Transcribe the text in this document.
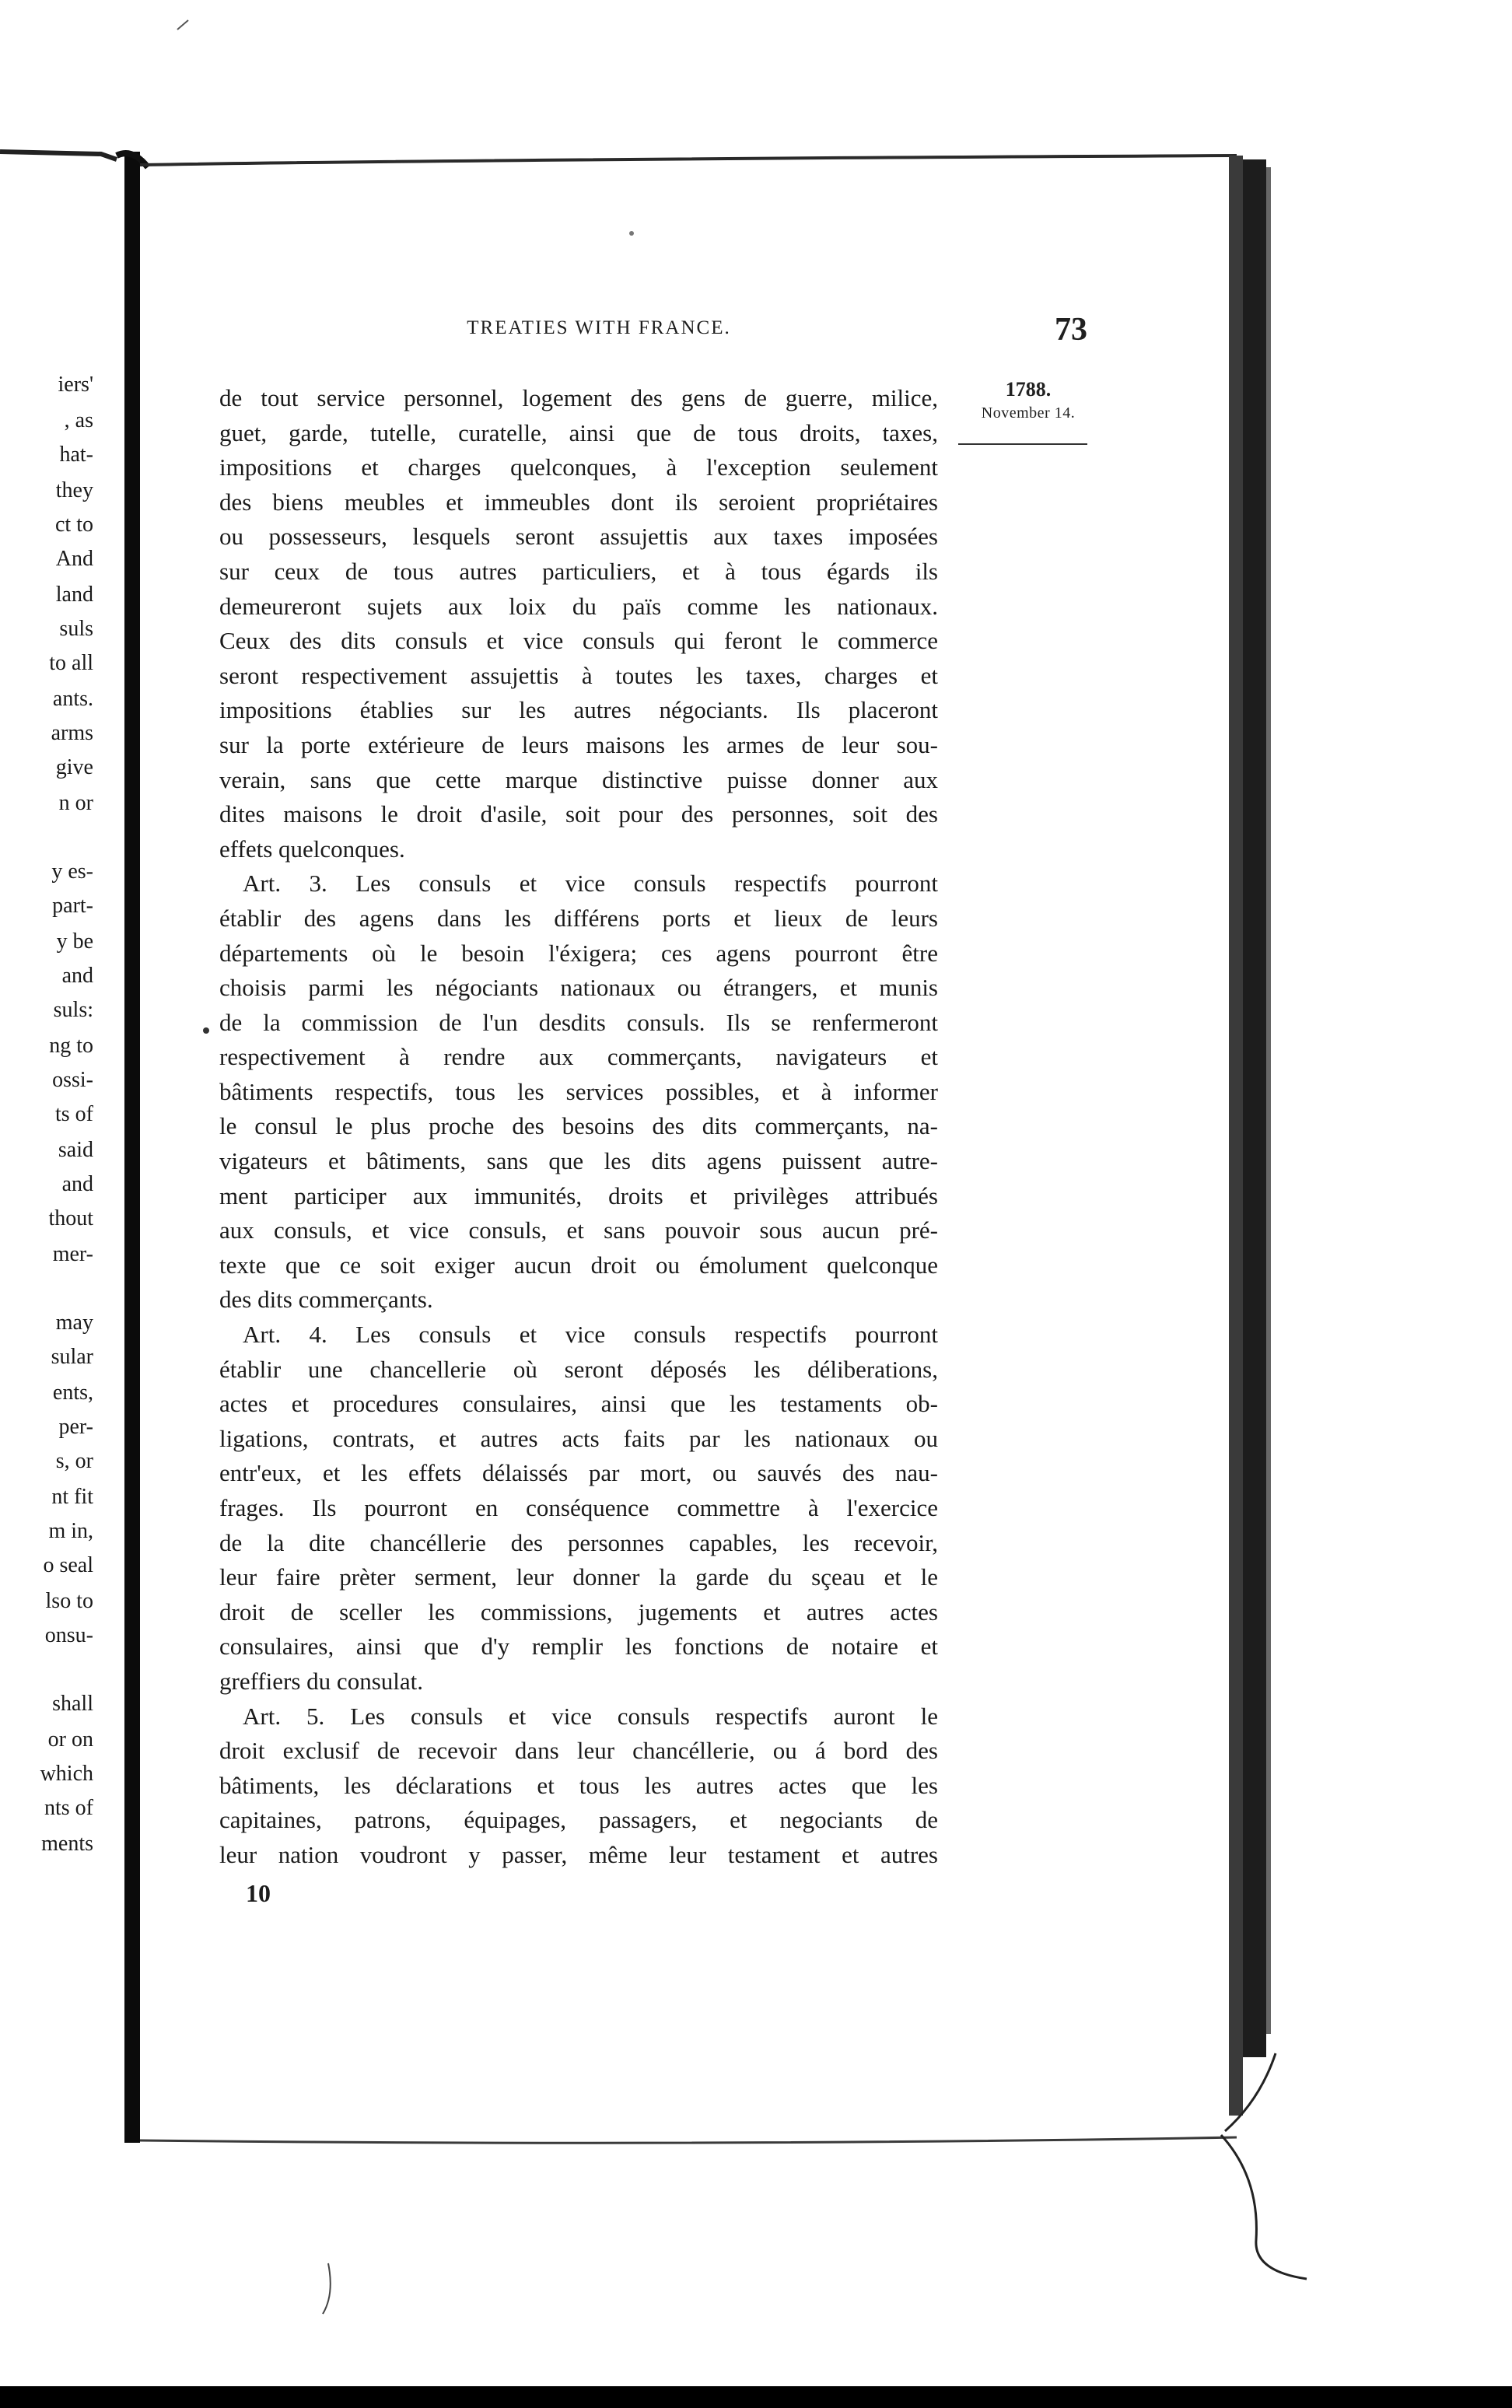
iers'
, as
hat-
they
ct to
And
land
suls
to all
ants.
arms
give
n or
y es-
part-
y be
and
suls:
ng to
ossi-
ts of
said
and
thout
mer-
may
sular
ents,
per-
s, or
nt fit
m in,
o seal
lso to
onsu-
shall
or on
which
nts of
ments
TREATIES WITH FRANCE.	73
1788.
November 14.
de tout service personnel, logement des gens de guerre, milice,
guet, garde, tutelle, curatelle, ainsi que de tous droits, taxes,
impositions et charges quelconques, à l'exception seulement
des biens meubles et immeubles dont ils seroient propriétaires
ou possesseurs, lesquels seront assujettis aux taxes imposées
sur ceux de tous autres particuliers, et à tous égards ils
demeureront sujets aux loix du païs comme les nationaux.
Ceux des dits consuls et vice consuls qui feront le commerce
seront respectivement assujettis à toutes les taxes, charges et
impositions établies sur les autres négociants. Ils placeront
sur la porte extérieure de leurs maisons les armes de leur sou-
verain, sans que cette marque distinctive puisse donner aux
dites maisons le droit d'asile, soit pour des personnes, soit des
effets quelconques.
Art. 3. Les consuls et vice consuls respectifs pourront
établir des agens dans les différens ports et lieux de leurs
départements où le besoin l'éxigera; ces agens pourront être
choisis parmi les négociants nationaux ou étrangers, et munis
de la commission de l'un desdits consuls. Ils se renfermeront
respectivement à rendre aux commerçants, navigateurs et
bâtiments respectifs, tous les services possibles, et à informer
le consul le plus proche des besoins des dits commerçants, na-
vigateurs et bâtiments, sans que les dits agens puissent autre-
ment participer aux immunités, droits et privilèges attribués
aux consuls, et vice consuls, et sans pouvoir sous aucun pré-
texte que ce soit exiger aucun droit ou émolument quelconque
des dits commerçants.
Art. 4. Les consuls et vice consuls respectifs pourront
établir une chancellerie où seront déposés les déliberations,
actes et procedures consulaires, ainsi que les testaments ob-
ligations, contrats, et autres acts faits par les nationaux ou
entr'eux, et les effets délaissés par mort, ou sauvés des nau-
frages. Ils pourront en conséquence commettre à l'exercice
de la dite chancéllerie des personnes capables, les recevoir,
leur faire prèter serment, leur donner la garde du sçeau et le
droit de sceller les commissions, jugements et autres actes
consulaires, ainsi que d'y remplir les fonctions de notaire et
greffiers du consulat.
Art. 5. Les consuls et vice consuls respectifs auront le
droit exclusif de recevoir dans leur chancéllerie, ou á bord des
bâtiments, les déclarations et tous les autres actes que les
capitaines, patrons, équipages, passagers, et negociants de
leur nation voudront y passer, même leur testament et autres
10
